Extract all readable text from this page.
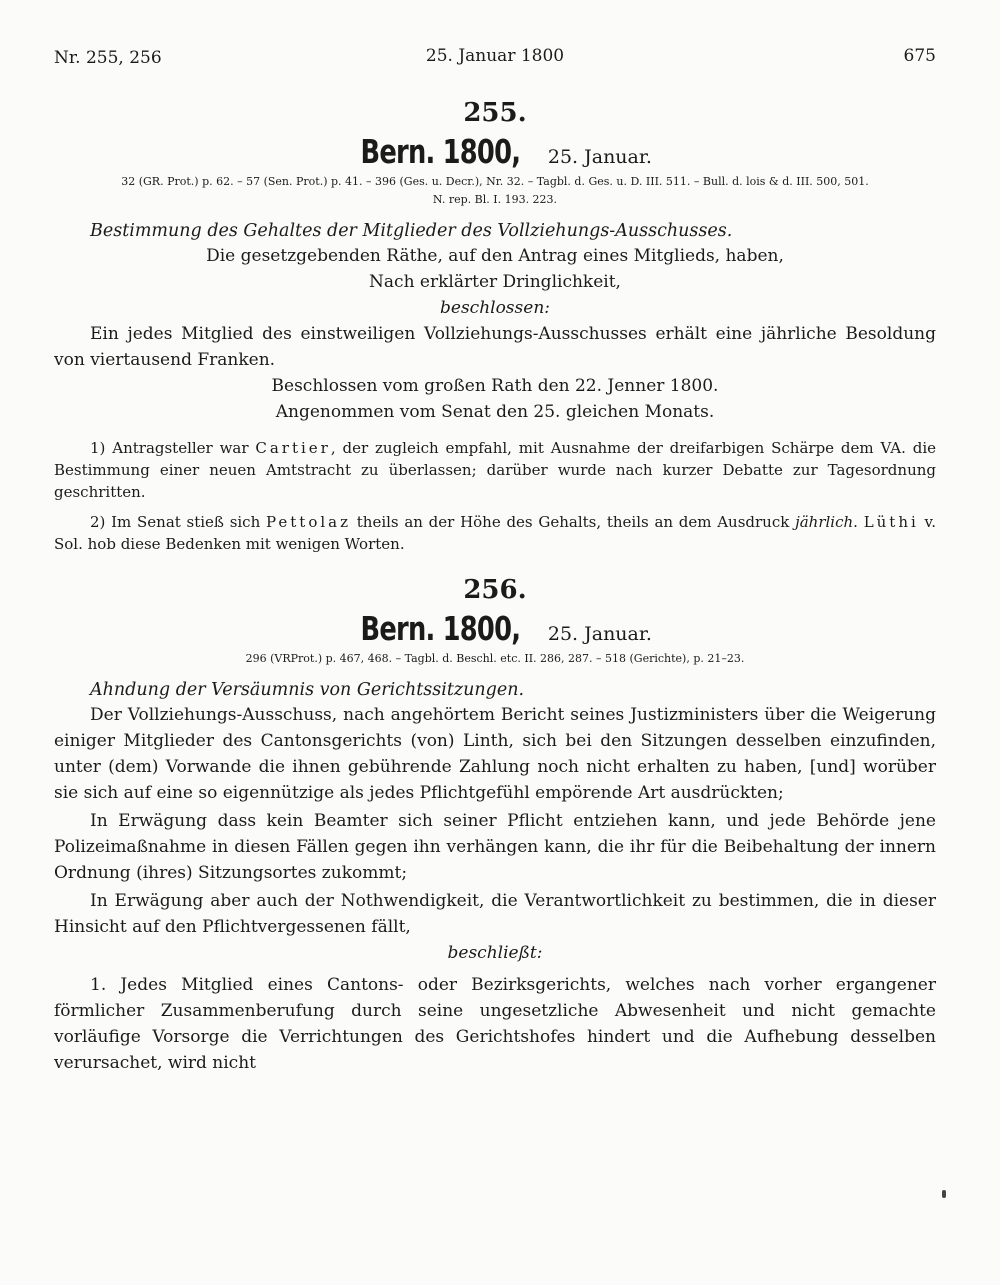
Nr. 255, 256	25. Januar 1800	675
255.
Bern. 1800, 25. Januar.
32 (GR. Prot.) p. 62. – 57 (Sen. Prot.) p. 41. – 396 (Ges. u. Decr.), Nr. 32. – Tagbl. d. Ges. u. D. III. 511. – Bull. d. lois & d. III. 500, 501.
N. rep. Bl. I. 193. 223.
Bestimmung des Gehaltes der Mitglieder des Vollziehungs-Ausschusses.

Die gesetzgebenden Räthe, auf den Antrag eines Mitglieds, haben,

Nach erklärter Dringlichkeit,

beschlossen:

Ein jedes Mitglied des einstweiligen Vollziehungs-Ausschusses erhält eine jährliche Besoldung von viertausend Franken.

Beschlossen vom großen Rath den 22. Jenner 1800.

Angenommen vom Senat den 25. gleichen Monats.

1) Antragsteller war Cartier, der zugleich empfahl, mit Ausnahme der dreifarbigen Schärpe dem VA. die Bestimmung einer neuen Amtstracht zu überlassen; darüber wurde nach kurzer Debatte zur Tagesordnung geschritten.

2) Im Senat stieß sich Pettolaz theils an der Höhe des Gehalts, theils an dem Ausdruck jährlich. Lüthi v. Sol. hob diese Bedenken mit wenigen Worten.

256.
Bern. 1800, 25. Januar.
296 (VRProt.) p. 467, 468. – Tagbl. d. Beschl. etc. II. 286, 287. – 518 (Gerichte), p. 21–23.
Ahndung der Versäumnis von Gerichtssitzungen.

Der Vollziehungs-Ausschuss, nach angehörtem Bericht seines Justizministers über die Weigerung einiger Mitglieder des Cantonsgerichts (von) Linth, sich bei den Sitzungen desselben einzufinden, unter (dem) Vorwande die ihnen gebührende Zahlung noch nicht erhalten zu haben, [und] worüber sie sich auf eine so eigennützige als jedes Pflichtgefühl empörende Art ausdrückten;

In Erwägung dass kein Beamter sich seiner Pflicht entziehen kann, und jede Behörde jene Polizeimaßnahme in diesen Fällen gegen ihn verhängen kann, die ihr für die Beibehaltung der innern Ordnung (ihres) Sitzungsortes zukommt;

In Erwägung aber auch der Nothwendigkeit, die Verantwortlichkeit zu bestimmen, die in dieser Hinsicht auf den Pflichtvergessenen fällt,

beschließt:

1. Jedes Mitglied eines Cantons- oder Bezirksgerichts, welches nach vorher ergangener förmlicher Zusammenberufung durch seine ungesetzliche Abwesenheit und nicht gemachte vorläufige Vorsorge die Verrichtungen des Gerichtshofes hindert und die Aufhebung desselben verursachet, wird nicht
